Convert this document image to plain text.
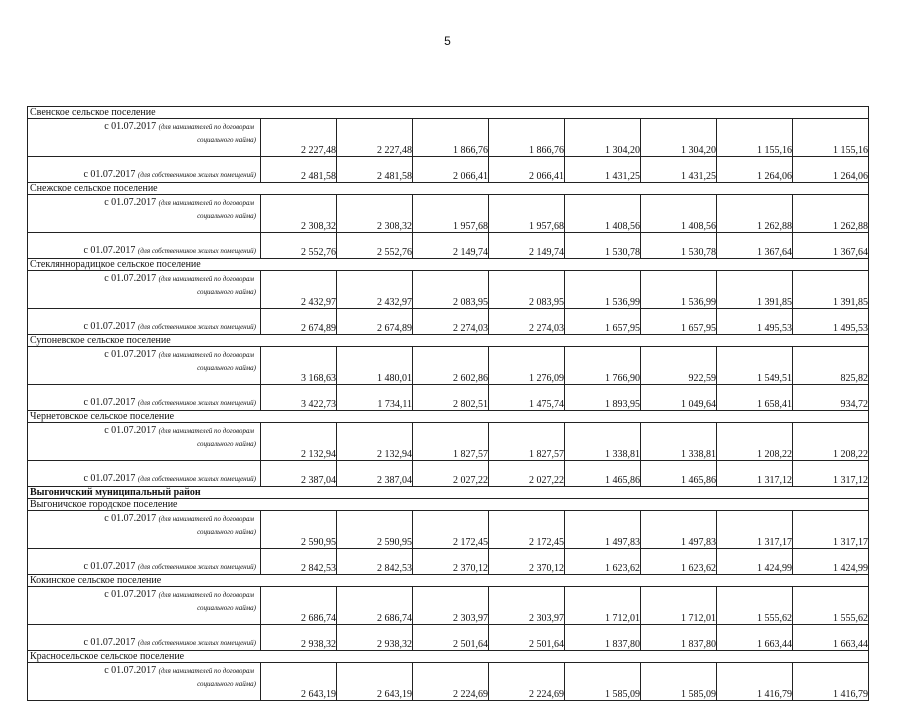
5
Свенское сельское поселение								

с 01.07.2017 (для нанимателей по договорам
социального найма)	2 227,48	2 227,48	1 866,76	1 866,76	1 304,20	1 304,20	1 155,16	1 155,16

с 01.07.2017 (для собственников жилых помещений)	2 481,58	2 481,58	2 066,41	2 066,41	1 431,25	1 431,25	1 264,06	1 264,06
Снежское сельское поселение								

с 01.07.2017 (для нанимателей по договорам
социального найма)	2 308,32	2 308,32	1 957,68	1 957,68	1 408,56	1 408,56	1 262,88	1 262,88

с 01.07.2017 (для собственников жилых помещений)	2 552,76	2 552,76	2 149,74	2 149,74	1 530,78	1 530,78	1 367,64	1 367,64
Стекляннорадицкое сельское поселение								

с 01.07.2017 (для нанимателей по договорам
социального найма)	2 432,97	2 432,97	2 083,95	2 083,95	1 536,99	1 536,99	1 391,85	1 391,85

с 01.07.2017 (для собственников жилых помещений)	2 674,89	2 674,89	2 274,03	2 274,03	1 657,95	1 657,95	1 495,53	1 495,53
Супоневское сельское поселение								

с 01.07.2017 (для нанимателей по договорам
социального найма)	3 168,63	1 480,01	2 602,86	1 276,09	1 766,90	922,59	1 549,51	825,82

с 01.07.2017 (для собственников жилых помещений)	3 422,73	1 734,11	2 802,51	1 475,74	1 893,95	1 049,64	1 658,41	934,72
Чернетовское сельское поселение								

с 01.07.2017 (для нанимателей по договорам
социального найма)	2 132,94	2 132,94	1 827,57	1 827,57	1 338,81	1 338,81	1 208,22	1 208,22

с 01.07.2017 (для собственников жилых помещений)	2 387,04	2 387,04	2 027,22	2 027,22	1 465,86	1 465,86	1 317,12	1 317,12
Выгоничский муниципальный район								
Выгоничское городское поселение								

с 01.07.2017 (для нанимателей по договорам
социального найма)	2 590,95	2 590,95	2 172,45	2 172,45	1 497,83	1 497,83	1 317,17	1 317,17

с 01.07.2017 (для собственников жилых помещений)	2 842,53	2 842,53	2 370,12	2 370,12	1 623,62	1 623,62	1 424,99	1 424,99
Кокинское сельское поселение								

с 01.07.2017 (для нанимателей по договорам
социального найма)	2 686,74	2 686,74	2 303,97	2 303,97	1 712,01	1 712,01	1 555,62	1 555,62

с 01.07.2017 (для собственников жилых помещений)	2 938,32	2 938,32	2 501,64	2 501,64	1 837,80	1 837,80	1 663,44	1 663,44
Красносельское сельское поселение								

с 01.07.2017 (для нанимателей по договорам
социального найма)	2 643,19	2 643,19	2 224,69	2 224,69	1 585,09	1 585,09	1 416,79	1 416,79
